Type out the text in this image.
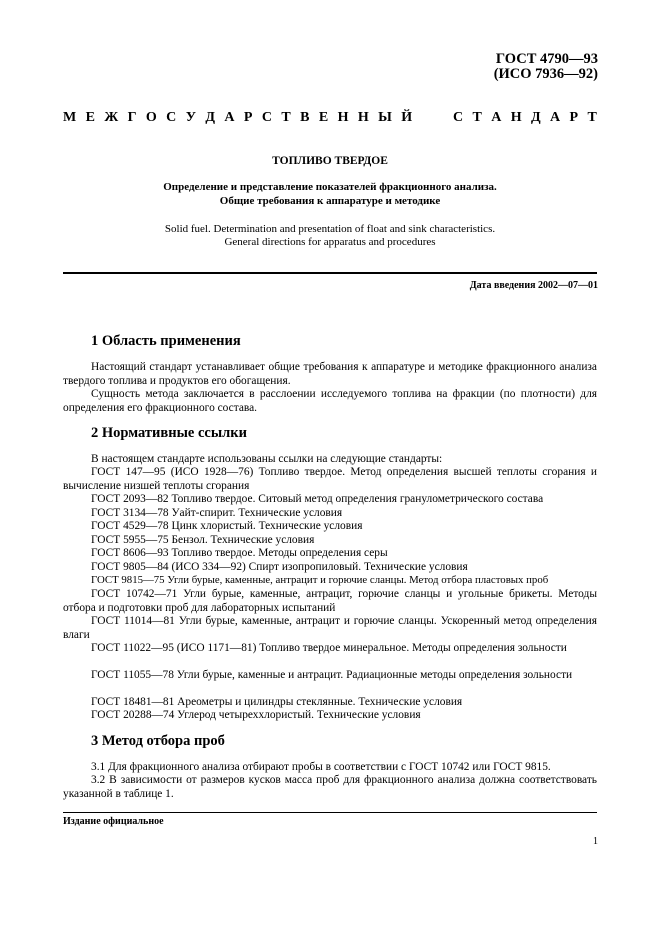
ГОСТ 4790—93
(ИСО 7936—92)
М Е Ж Г О С У Д А Р С Т В Е Н Н Ы Й	С Т А Н Д А Р Т
ТОПЛИВО ТВЕРДОЕ
Определение и представление показателей фракционного анализа.
Общие требования к аппаратуре и методике
Solid fuel. Determination and presentation of float and sink characteristics.
General directions for apparatus and procedures
Дата введения 2002—07—01
1 Область применения
Настоящий стандарт устанавливает общие требования к аппаратуре и методике фракционного анализа твердого топлива и продуктов его обогащения.
Сущность метода заключается в расслоении исследуемого топлива на фракции (по плотности) для определения его фракционного состава.
2 Нормативные ссылки
В настоящем стандарте использованы ссылки на следующие стандарты:
ГОСТ 147—95 (ИСО 1928—76) Топливо твердое. Метод определения высшей теплоты сгорания и вычисление низшей теплоты сгорания
ГОСТ 2093—82 Топливо твердое. Ситовый метод определения гранулометрического состава
ГОСТ 3134—78 Уайт-спирит. Технические условия
ГОСТ 4529—78 Цинк хлористый. Технические условия
ГОСТ 5955—75 Бензол. Технические условия
ГОСТ 8606—93 Топливо твердое. Методы определения серы
ГОСТ 9805—84 (ИСО 334—92) Спирт изопропиловый. Технические условия
ГОСТ 9815—75 Угли бурые, каменные, антрацит и горючие сланцы. Метод отбора пластовых проб
ГОСТ 10742—71 Угли бурые, каменные, антрацит, горючие сланцы и угольные брикеты. Методы отбора и подготовки проб для лабораторных испытаний
ГОСТ 11014—81 Угли бурые, каменные, антрацит и горючие сланцы. Ускоренный метод определения влаги
ГОСТ 11022—95 (ИСО 1171—81) Топливо твердое минеральное. Методы определения зольности
ГОСТ 11055—78 Угли бурые, каменные и антрацит. Радиационные методы определения зольности
ГОСТ 18481—81 Ареометры и цилиндры стеклянные. Технические условия
ГОСТ 20288—74 Углерод четыреххлористый. Технические условия
3 Метод отбора проб
3.1 Для фракционного анализа отбирают пробы в соответствии с ГОСТ 10742 или ГОСТ 9815.
3.2 В зависимости от размеров кусков масса проб для фракционного анализа должна соответствовать указанной в таблице 1.
Издание официальное
1
